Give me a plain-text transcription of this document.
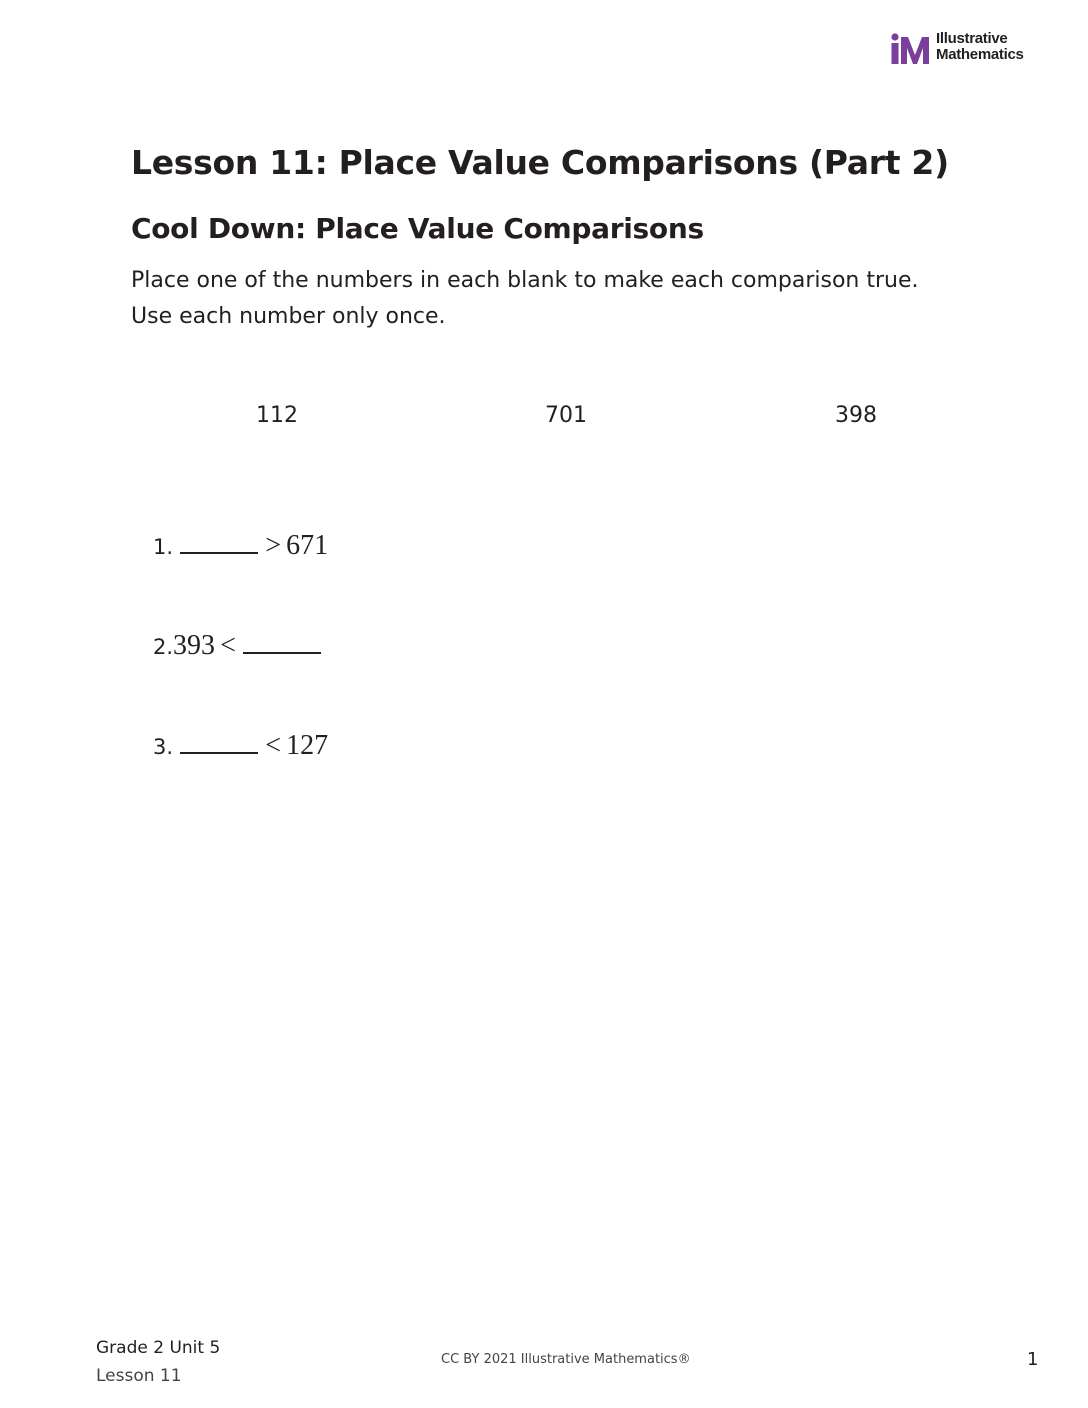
Illustrative
Mathematics
Lesson 11: Place Value Comparisons (Part 2)
Cool Down: Place Value Comparisons

Place one of the numbers in each blank to make each comparison true.
Use each number only once.

112	701	398
1.	> 671
2.393 <
3.	< 127
Grade 2 Unit 5
Lesson 11
CC BY 2021 Illustrative Mathematics®	1
